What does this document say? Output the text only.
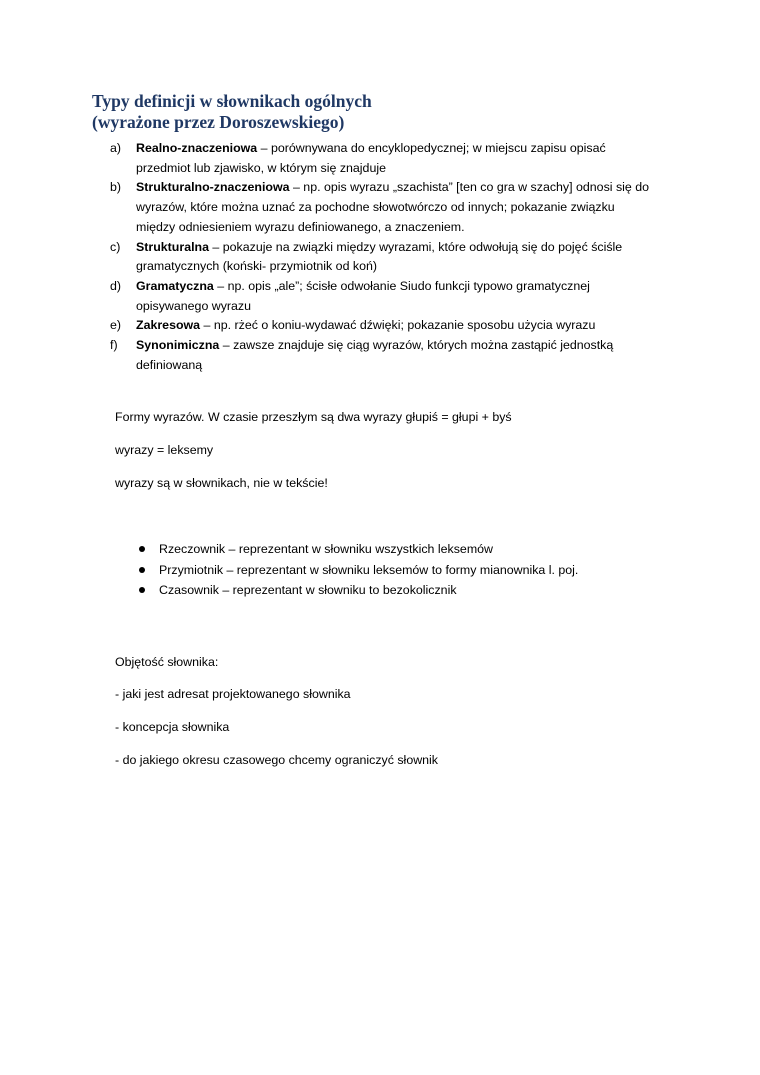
Typy definicji w słownikach ogólnych
(wyrażone przez Doroszewskiego)
a) Realno-znaczeniowa – porównywana do encyklopedycznej; w miejscu zapisu opisać
przedmiot lub zjawisko, w którym się znajduje
b) Strukturalno-znaczeniowa – np. opis wyrazu „szachista” [ten co gra w szachy] odnosi się do
wyrazów, które można uznać za pochodne słowotwórczo od innych; pokazanie związku
między odniesieniem wyrazu definiowanego, a znaczeniem.
c) Strukturalna – pokazuje na związki między wyrazami, które odwołują się do pojęć ściśle
gramatycznych (koński- przymiotnik od koń)
d) Gramatyczna – np. opis „ale”; ścisłe odwołanie Siudo funkcji typowo gramatycznej
opisywanego wyrazu
e) Zakresowa – np. rżeć o koniu-wydawać dźwięki; pokazanie sposobu użycia wyrazu
f) Synonimiczna – zawsze znajduje się ciąg wyrazów, których można zastąpić jednostką
definiowaną
Formy wyrazów. W czasie przeszłym są dwa wyrazy głupiś = głupi + byś
wyrazy = leksemy
wyrazy są w słownikach, nie w tekście!
Rzeczownik – reprezentant w słowniku wszystkich leksemów
Przymiotnik – reprezentant w słowniku leksemów to formy mianownika l. poj.
Czasownik – reprezentant w słowniku to bezokolicznik
Objętość słownika:
- jaki jest adresat projektowanego słownika
- koncepcja słownika
- do jakiego okresu czasowego chcemy ograniczyć słownik
